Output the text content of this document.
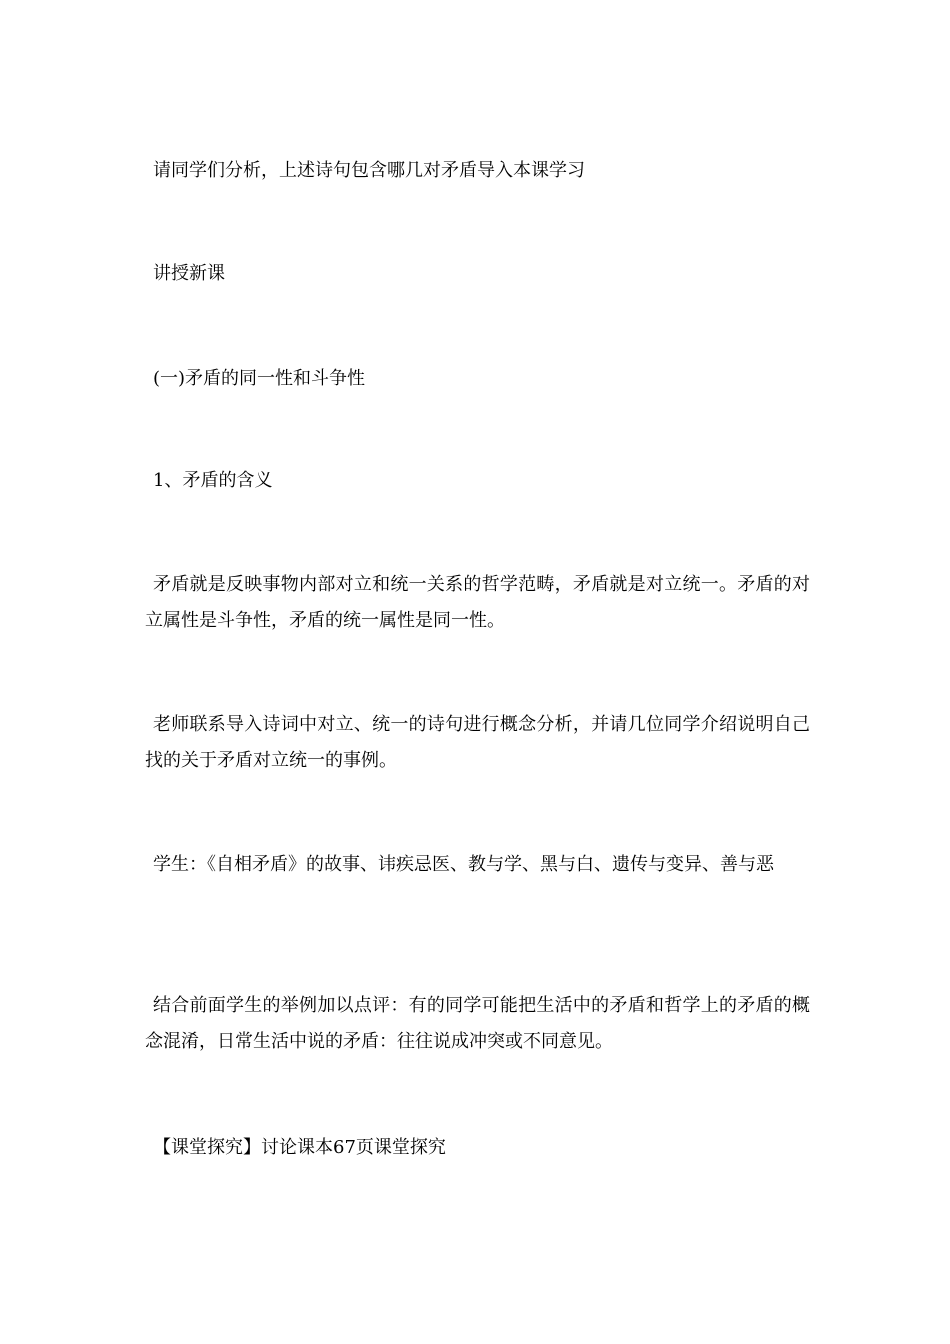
请同学们分析，上述诗句包含哪几对矛盾导入本课学习

讲授新课

(一)矛盾的同一性和斗争性

1、矛盾的含义

矛盾就是反映事物内部对立和统一关系的哲学范畴，矛盾就是对立统一。矛盾的对立属性是斗争性，矛盾的统一属性是同一性。

老师联系导入诗词中对立、统一的诗句进行概念分析，并请几位同学介绍说明自己找的关于矛盾对立统一的事例。

学生：《自相矛盾》的故事、讳疾忌医、教与学、黑与白、遗传与变异、善与恶

结合前面学生的举例加以点评：有的同学可能把生活中的矛盾和哲学上的矛盾的概念混淆，日常生活中说的矛盾：往往说成冲突或不同意见。

【课堂探究】讨论课本67页课堂探究
